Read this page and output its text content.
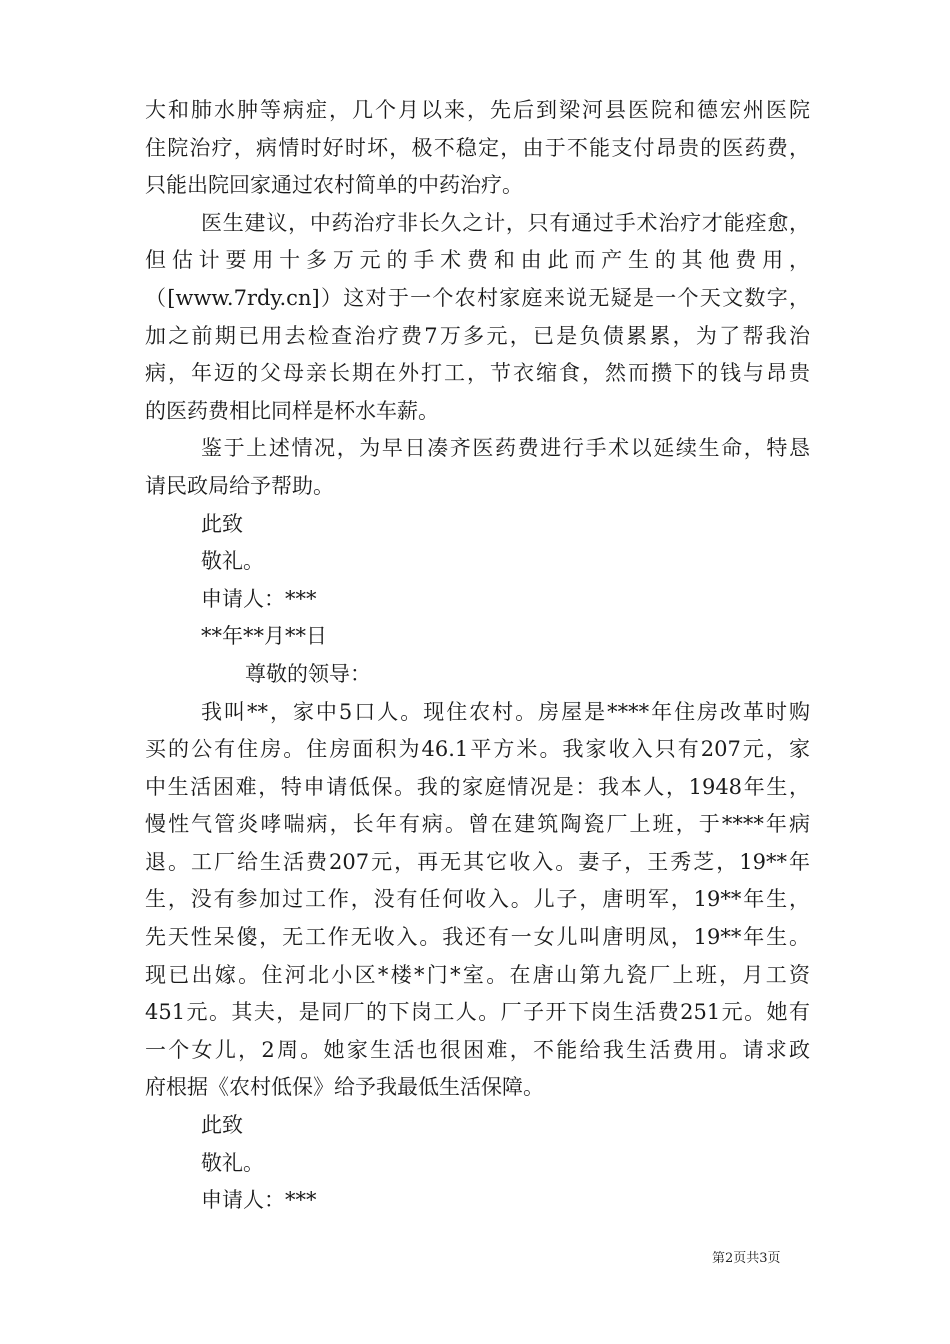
大和肺水肿等病症，几个月以来，先后到梁河县医院和德宏州医院
住院治疗，病情时好时坏，极不稳定，由于不能支付昂贵的医药费，
只能出院回家通过农村简单的中药治疗。
医生建议，中药治疗非长久之计，只有通过手术治疗才能痊愈，
但估计要用十多万元的手术费和由此而产生的其他费用，
（[www.7rdy.cn]）这对于一个农村家庭来说无疑是一个天文数字，
加之前期已用去检查治疗费7万多元，已是负债累累，为了帮我治
病，年迈的父母亲长期在外打工，节衣缩食，然而攒下的钱与昂贵
的医药费相比同样是杯水车薪。
鉴于上述情况，为早日凑齐医药费进行手术以延续生命，特恳
请民政局给予帮助。
此致
敬礼。
申请人：***
**年**月**日
尊敬的领导：
我叫**，家中5口人。现住农村。房屋是****年住房改革时购
买的公有住房。住房面积为46.1平方米。我家收入只有207元，家
中生活困难，特申请低保。我的家庭情况是：我本人，1948年生，
慢性气管炎哮喘病，长年有病。曾在建筑陶瓷厂上班，于****年病
退。工厂给生活费207元，再无其它收入。妻子，王秀芝，19**年
生，没有参加过工作，没有任何收入。儿子，唐明军，19**年生，
先天性呆傻，无工作无收入。我还有一女儿叫唐明凤，19**年生。
现已出嫁。住河北小区*楼*门*室。在唐山第九瓷厂上班，月工资
451元。其夫，是同厂的下岗工人。厂子开下岗生活费251元。她有
一个女儿，2周。她家生活也很困难，不能给我生活费用。请求政
府根据《农村低保》给予我最低生活保障。
此致
敬礼。
申请人：***
第2页共3页
